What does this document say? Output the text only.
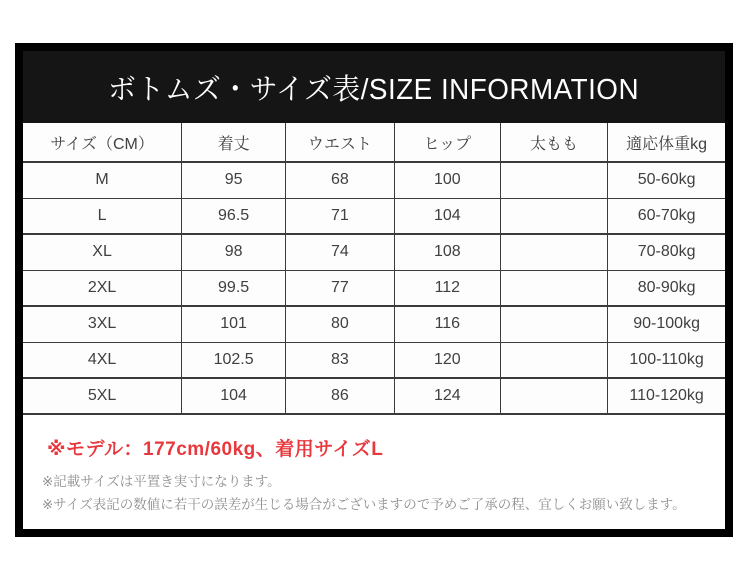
ボトムズ・サイズ表/SIZE INFORMATION
サイズ（CM）	着丈	ウエスト	ヒップ	太もも	適応体重kg
M	95	68	100		50-60kg
L	96.5	71	104		60-70kg
XL	98	74	108		70-80kg
2XL	99.5	77	112		80-90kg
3XL	101	80	116		90-100kg
4XL	102.5	83	120		100-110kg
5XL	104	86	124		110-120kg

※モデル：177cm/60kg、着用サイズL

※記載サイズは平置き実寸になります。

※サイズ表記の数値に若干の誤差が生じる場合がございますので予めご了承の程、宜しくお願い致します。
